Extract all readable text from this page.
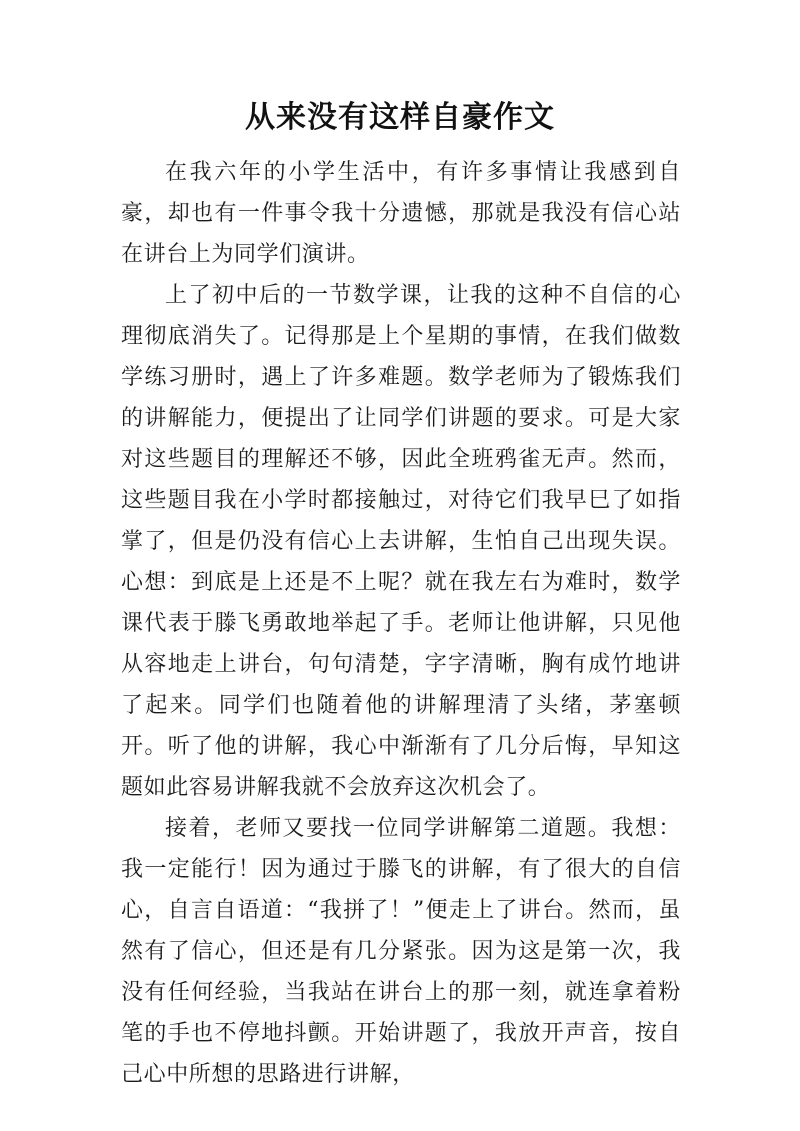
从来没有这样自豪作文

在我六年的小学生活中，有许多事情让我感到自豪，却也有一件事令我十分遗憾，那就是我没有信心站在讲台上为同学们演讲。

上了初中后的一节数学课，让我的这种不自信的心理彻底消失了。记得那是上个星期的事情，在我们做数学练习册时，遇上了许多难题。数学老师为了锻炼我们的讲解能力，便提出了让同学们讲题的要求。可是大家对这些题目的理解还不够，因此全班鸦雀无声。然而，这些题目我在小学时都接触过，对待它们我早巳了如指掌了，但是仍没有信心上去讲解，生怕自己出现失误。心想：到底是上还是不上呢？就在我左右为难时，数学课代表于滕飞勇敢地举起了手。老师让他讲解，只见他从容地走上讲台，句句清楚，字字清晰，胸有成竹地讲了起来。同学们也随着他的讲解理清了头绪，茅塞顿开。听了他的讲解，我心中渐渐有了几分后悔，早知这题如此容易讲解我就不会放弃这次机会了。

接着，老师又要找一位同学讲解第二道题。我想：我一定能行！因为通过于滕飞的讲解，有了很大的自信心，自言自语道：“我拼了！”便走上了讲台。然而，虽然有了信心，但还是有几分紧张。因为这是第一次，我没有任何经验，当我站在讲台上的那一刻，就连拿着粉笔的手也不停地抖颤。开始讲题了，我放开声音，按自己心中所想的思路进行讲解，
